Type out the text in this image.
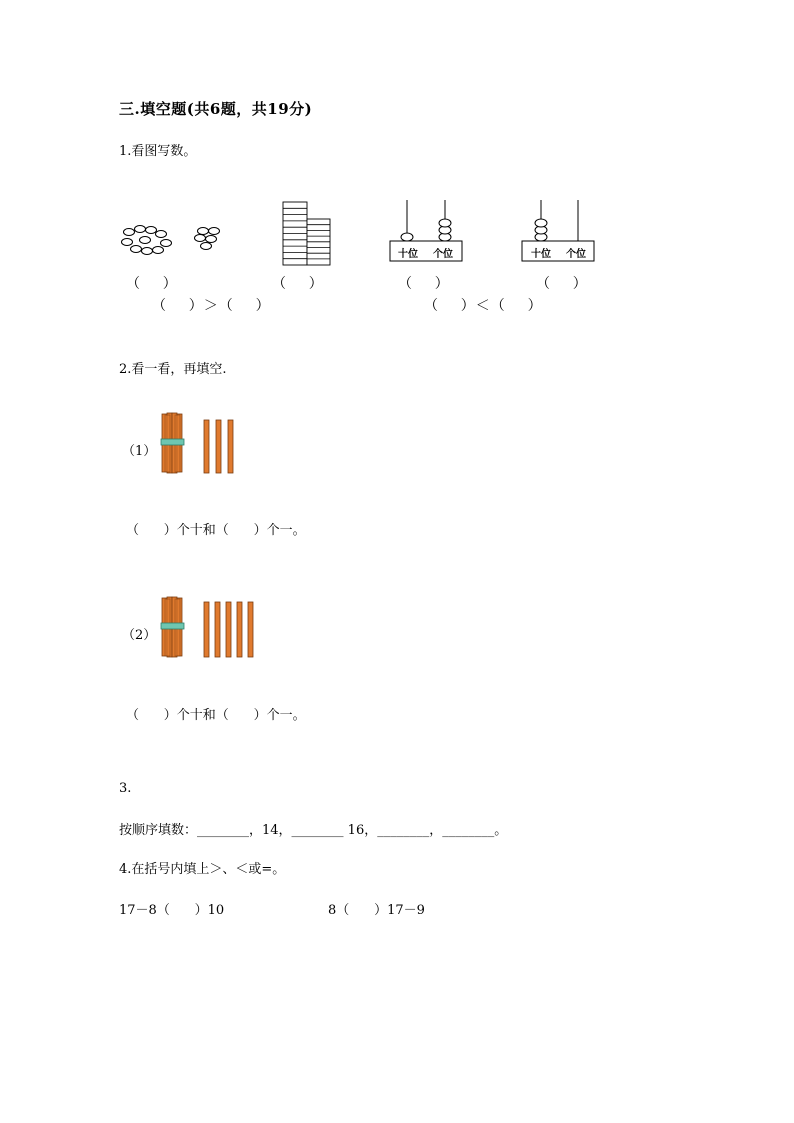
三.填空题(共6题，共19分)
1.看图写数。
十位 个位	十位 个位
（    ）	（    ）	（    ）	（    ）
（    ）＞（    ）	（    ）＜（    ）
2.看一看，再填空.
（1）
（      ）个十和（      ）个一。
（2）
（      ）个十和（      ）个一。
3.
按顺序填数：________，14，________ 16，________，________。
4.在括号内填上＞、＜或=。
17－8（      ）10	8（      ）17－9
